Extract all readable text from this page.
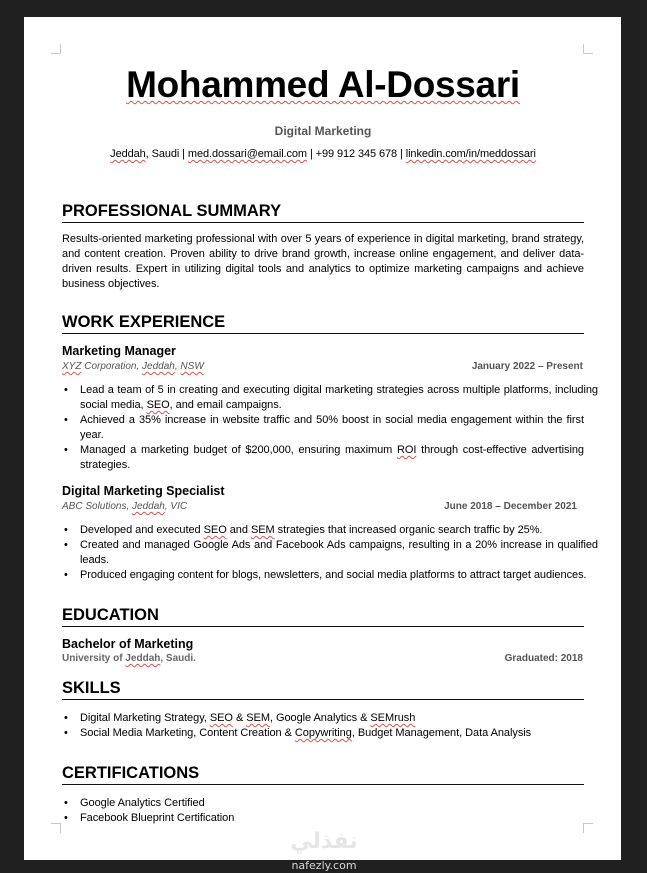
Mohammed Al-Dossari
Digital Marketing
Jeddah, Saudi | med.dossari@email.com | +99 912 345 678 | linkedin.com/in/meddossari
PROFESSIONAL SUMMARY
Results-oriented marketing professional with over 5 years of experience in digital marketing, brand strategy, and content creation. Proven ability to drive brand growth, increase online engagement, and deliver data-driven results. Expert in utilizing digital tools and analytics to optimize marketing campaigns and achieve business objectives.
WORK EXPERIENCE
Marketing Manager
XYZ Corporation, Jeddah, NSW	January 2022 – Present
• Lead a team of 5 in creating and executing digital marketing strategies across multiple platforms, including social media, SEO, and email campaigns.
• Achieved a 35% increase in website traffic and 50% boost in social media engagement within the first year.
• Managed a marketing budget of $200,000, ensuring maximum ROI through cost-effective advertising strategies.
Digital Marketing Specialist
ABC Solutions, Jeddah, VIC	June 2018 – December 2021
• Developed and executed SEO and SEM strategies that increased organic search traffic by 25%.
• Created and managed Google Ads and Facebook Ads campaigns, resulting in a 20% increase in qualified leads.
• Produced engaging content for blogs, newsletters, and social media platforms to attract target audiences.
EDUCATION
Bachelor of Marketing
University of Jeddah, Saudi.	Graduated: 2018
SKILLS
• Digital Marketing Strategy, SEO & SEM, Google Analytics & SEMrush
• Social Media Marketing, Content Creation & Copywriting, Budget Management, Data Analysis
CERTIFICATIONS
• Google Analytics Certified
• Facebook Blueprint Certification
نفذلي
nafezly.com
